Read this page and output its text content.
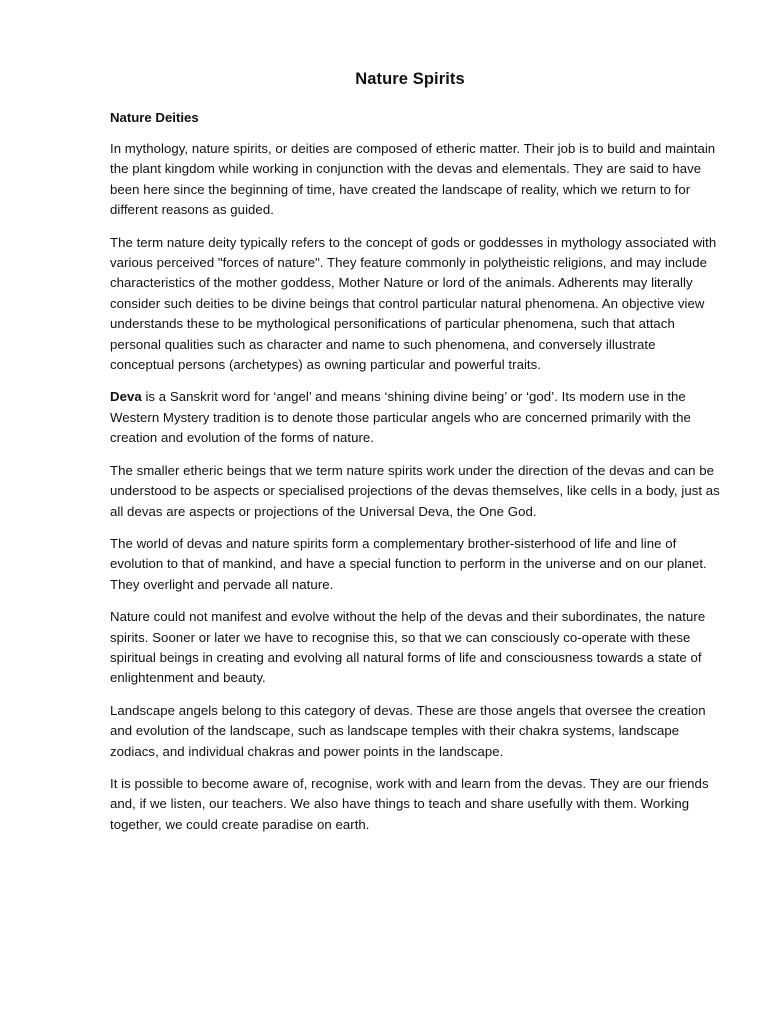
Nature Spirits
Nature Deities

In mythology, nature spirits, or deities are composed of etheric matter. Their job is to build and maintain the plant kingdom while working in conjunction with the devas and elementals. They are said to have been here since the beginning of time, have created the landscape of reality, which we return to for different reasons as guided.

The term nature deity typically refers to the concept of gods or goddesses in mythology associated with various perceived "forces of nature". They feature commonly in polytheistic religions, and may include characteristics of the mother goddess, Mother Nature or lord of the animals. Adherents may literally consider such deities to be divine beings that control particular natural phenomena. An objective view understands these to be mythological personifications of particular phenomena, such that attach personal qualities such as character and name to such phenomena, and conversely illustrate conceptual persons (archetypes) as owning particular and powerful traits.

Deva is a Sanskrit word for ‘angel’ and means ‘shining divine being’ or ‘god’. Its modern use in the Western Mystery tradition is to denote those particular angels who are concerned primarily with the creation and evolution of the forms of nature.

The smaller etheric beings that we term nature spirits work under the direction of the devas and can be understood to be aspects or specialised projections of the devas themselves, like cells in a body, just as all devas are aspects or projections of the Universal Deva, the One God.

The world of devas and nature spirits form a complementary brother-sisterhood of life and line of evolution to that of mankind, and have a special function to perform in the universe and on our planet. They overlight and pervade all nature.

Nature could not manifest and evolve without the help of the devas and their subordinates, the nature spirits. Sooner or later we have to recognise this, so that we can consciously co-operate with these spiritual beings in creating and evolving all natural forms of life and consciousness towards a state of enlightenment and beauty.

Landscape angels belong to this category of devas. These are those angels that oversee the creation and evolution of the landscape, such as landscape temples with their chakra systems, landscape zodiacs, and individual chakras and power points in the landscape.

It is possible to become aware of, recognise, work with and learn from the devas. They are our friends and, if we listen, our teachers. We also have things to teach and share usefully with them. Working together, we could create paradise on earth.
